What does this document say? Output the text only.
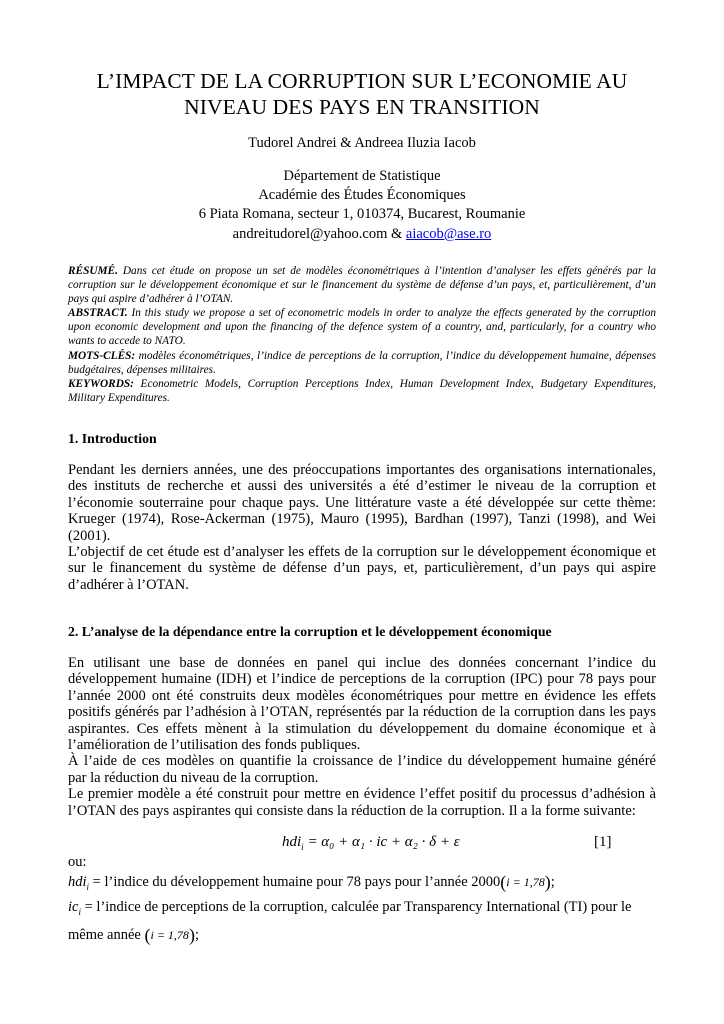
L’IMPACT DE LA CORRUPTION SUR L’ECONOMIE AU
NIVEAU DES PAYS EN TRANSITION
Tudorel Andrei & Andreea Iluzia Iacob
Département de Statistique
Académie des Études Économiques
6 Piata Romana, secteur 1, 010374, Bucarest, Roumanie
andreitudorel@yahoo.com & aiacob@ase.ro

RÉSUMÉ. Dans cet étude on propose un set de modèles économétriques à l’intention d’analyser les effets générés par la corruption sur le développement économique et sur le financement du système de défense d’un pays, et, particulièrement, d’un pays qui aspire d’adhérer à l’OTAN.

ABSTRACT. In this study we propose a set of econometric models in order to analyze the effects generated by the corruption upon economic development and upon the financing of the defence system of a country, and, particularly, for a country who wants to accede to NATO.

MOTS-CLÉS: modèles économétriques, l’indice de perceptions de la corruption, l’indice du développement humaine, dépenses budgétaires, dépenses militaires.

KEYWORDS: Econometric Models, Corruption Perceptions Index, Human Development Index, Budgetary Expenditures, Military Expenditures.

1. Introduction

Pendant les derniers années, une des préoccupations importantes des organisations internationales,
des instituts de recherche et aussi des universités a été d’estimer le niveau de la corruption et
l’économie souterraine pour chaque pays. Une littérature vaste a été développée sur cette thème:
Krueger (1974), Rose-Ackerman (1975), Mauro (1995), Bardhan (1997), Tanzi (1998), and Wei
(2001).

L’objectif de cet étude est d’analyser les effets de la corruption sur le développement économique et
sur le financement du système de défense d’un pays, et, particulièrement, d’un pays qui aspire
d’adhérer à l’OTAN.

2. L’analyse de la dépendance entre la corruption et le développement économique

En utilisant une base de données en panel qui inclue des données concernant l’indice du
développement humaine (IDH) et l’indice de perceptions de la corruption (IPC) pour 78 pays pour
l’année 2000 ont été construits deux modèles économétriques pour mettre en évidence les effets
positifs générés par l’adhésion à l’OTAN, représentés par la réduction de la corruption dans les pays
aspirantes. Ces effets mènent à la stimulation du développement du domaine économique et à
l’amélioration de l’utilisation des fonds publiques.

À l’aide de ces modèles on quantifie la croissance de l’indice du développement humaine généré
par la réduction du niveau de la corruption.

Le premier modèle a été construit pour mettre en évidence l’effet positif du processus d’adhésion à
l’OTAN des pays aspirantes qui consiste dans la réduction de la corruption. Il a la forme suivante:

hdi$_i$ = α₀ + α₁ · ic + α₂ · δ + ε	[1]
ou:
hdi$_i$ = l’indice du développement humaine pour 78 pays pour l’année 2000(i = 1,78);
$ic_i$ = l’indice de perceptions de la corruption, calculée par Transparency International (TI) pour le
même année (i = 1,78);
